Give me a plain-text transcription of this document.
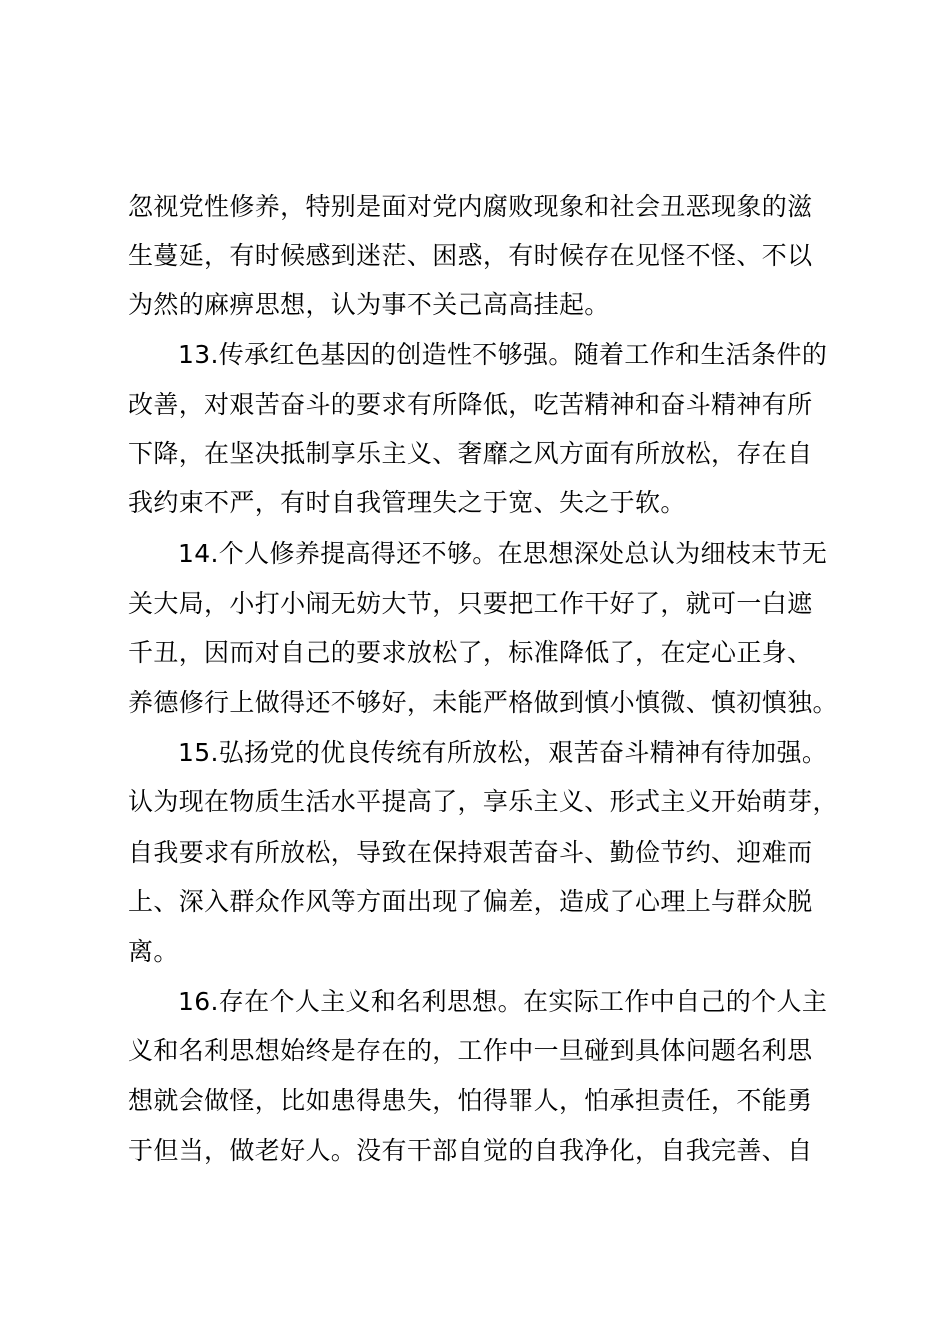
忽视党性修养，特别是面对党内腐败现象和社会丑恶现象的滋
生蔓延，有时候感到迷茫、困惑，有时候存在见怪不怪、不以
为然的麻痹思想，认为事不关己高高挂起。
13.传承红色基因的创造性不够强。随着工作和生活条件的
改善，对艰苦奋斗的要求有所降低，吃苦精神和奋斗精神有所
下降，在坚决抵制享乐主义、奢靡之风方面有所放松，存在自
我约束不严，有时自我管理失之于宽、失之于软。
14.个人修养提高得还不够。在思想深处总认为细枝末节无
关大局，小打小闹无妨大节，只要把工作干好了，就可一白遮
千丑，因而对自己的要求放松了，标准降低了，在定心正身、
养德修行上做得还不够好，未能严格做到慎小慎微、慎初慎独。
15.弘扬党的优良传统有所放松，艰苦奋斗精神有待加强。
认为现在物质生活水平提高了，享乐主义、形式主义开始萌芽，
自我要求有所放松，导致在保持艰苦奋斗、勤俭节约、迎难而
上、深入群众作风等方面出现了偏差，造成了心理上与群众脱
离。
16.存在个人主义和名利思想。在实际工作中自己的个人主
义和名利思想始终是存在的，工作中一旦碰到具体问题名利思
想就会做怪，比如患得患失，怕得罪人，怕承担责任，不能勇
于但当，做老好人。没有干部自觉的自我净化，自我完善、自
